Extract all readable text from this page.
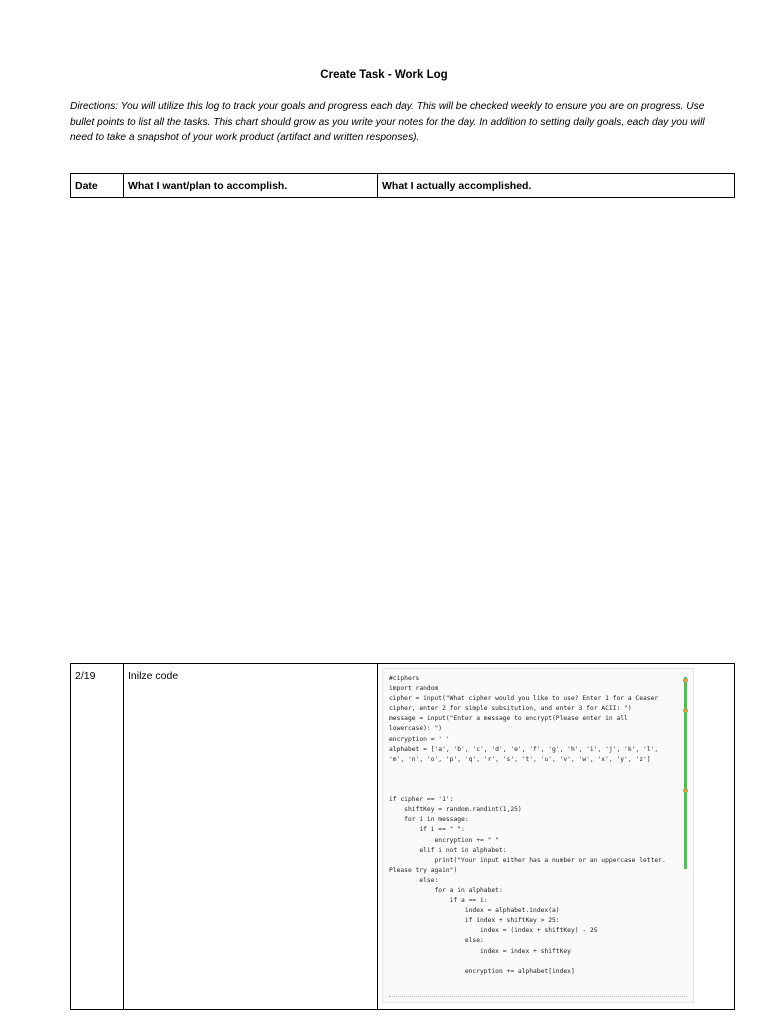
Create Task - Work Log
Directions: You will utilize this log to track your goals and progress each day. This will be checked weekly to ensure you are on progress. Use bullet points to list all the tasks. This chart should grow as you write your notes for the day. In addition to setting daily goals, each day you will need to take a snapshot of your work product (artifact and written responses).
Date	What I want/plan to accomplish.	What I actually accomplished.
2/19	Inilze code	#ciphers
import random
cipher = input("What cipher would you like to use? Enter 1 for a Ceaser
cipher, enter 2 for simple subsitution, and enter 3 for ACII: ")
message = input("Enter a message to encrypt(Please enter in all
lowercase): ")
encryption = ' '
alphabet = ['a', 'b', 'c', 'd', 'e', 'f', 'g', 'h', 'i', 'j', 'k', 'l',
'm', 'n', 'o', 'p', 'q', 'r', 's', 't', 'u', 'v', 'w', 'x', 'y', 'z']

if cipher == '1':
shiftKey = random.randint(1,25)
for i in message:
if i == " ":
encryption += " "
elif i not in alphabet:
print("Your input either has a number or an uppercase letter.
Please try again")
else:
for a in alphabet:
if a == i:
index = alphabet.index(a)
if index + shiftKey > 25:
index = (index + shiftKey) - 25
else:
index = index + shiftKey

encryption += alphabet[index]
